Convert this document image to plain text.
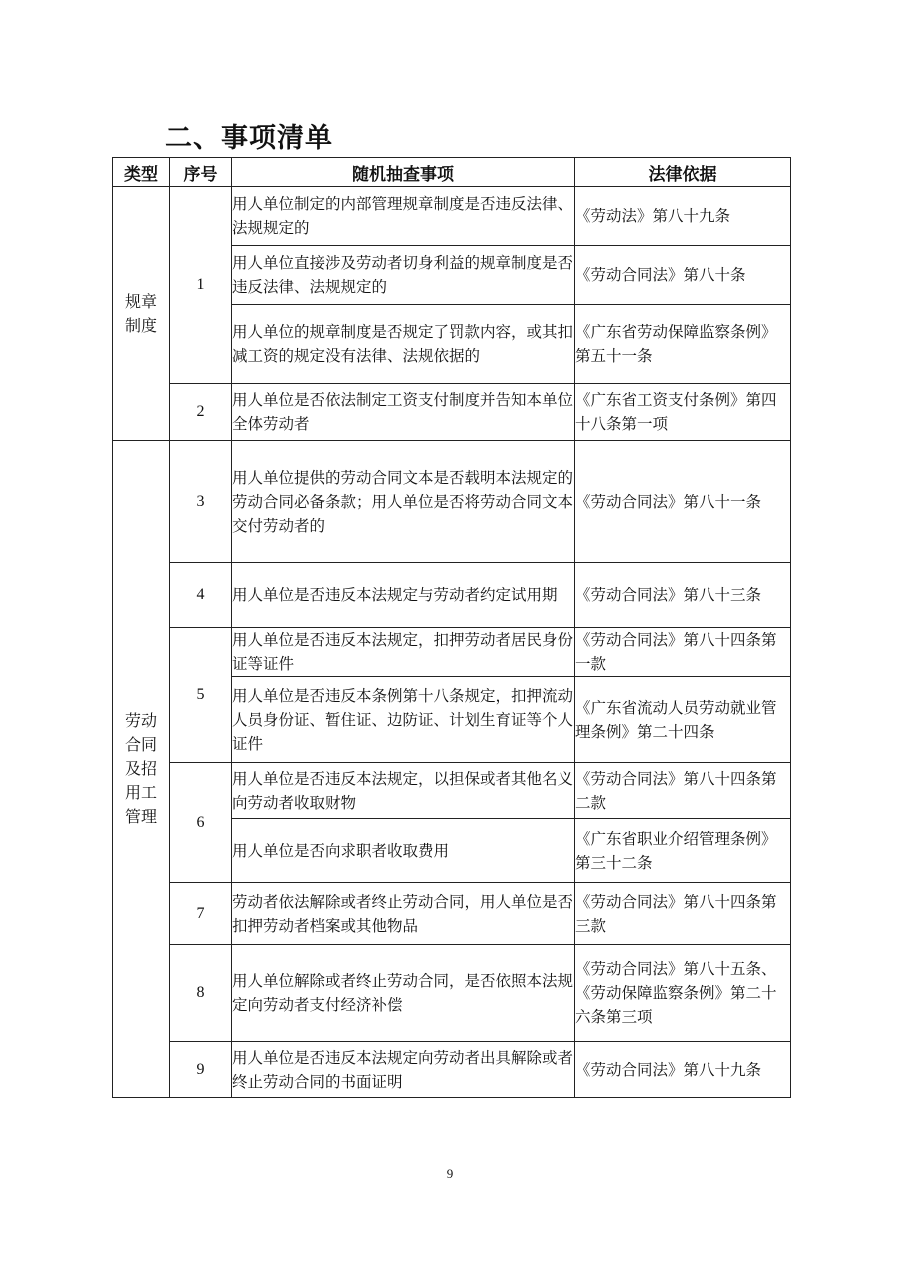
二、事项清单
类型	序号	随机抽查事项	法律依据
规章制度	1	用人单位制定的内部管理规章制度是否违反法律、法规规定的	《劳动法》第八十九条
		用人单位直接涉及劳动者切身利益的规章制度是否违反法律、法规规定的	《劳动合同法》第八十条
		用人单位的规章制度是否规定了罚款内容，或其扣减工资的规定没有法律、法规依据的	《广东省劳动保障监察条例》第五十一条
	2	用人单位是否依法制定工资支付制度并告知本单位全体劳动者	《广东省工资支付条例》第四十八条第一项
劳动合同及招用工管理	3	用人单位提供的劳动合同文本是否载明本法规定的劳动合同必备条款；用人单位是否将劳动合同文本交付劳动者的	《劳动合同法》第八十一条
	4	用人单位是否违反本法规定与劳动者约定试用期	《劳动合同法》第八十三条
	5	用人单位是否违反本法规定，扣押劳动者居民身份证等证件	《劳动合同法》第八十四条第一款
		用人单位是否违反本条例第十八条规定，扣押流动人员身份证、暂住证、边防证、计划生育证等个人证件	《广东省流动人员劳动就业管理条例》第二十四条
	6	用人单位是否违反本法规定，以担保或者其他名义向劳动者收取财物	《劳动合同法》第八十四条第二款
		用人单位是否向求职者收取费用	《广东省职业介绍管理条例》第三十二条
	7	劳动者依法解除或者终止劳动合同，用人单位是否扣押劳动者档案或其他物品	《劳动合同法》第八十四条第三款
	8	用人单位解除或者终止劳动合同，是否依照本法规定向劳动者支付经济补偿	《劳动合同法》第八十五条、《劳动保障监察条例》第二十六条第三项
	9	用人单位是否违反本法规定向劳动者出具解除或者终止劳动合同的书面证明	《劳动合同法》第八十九条
9
